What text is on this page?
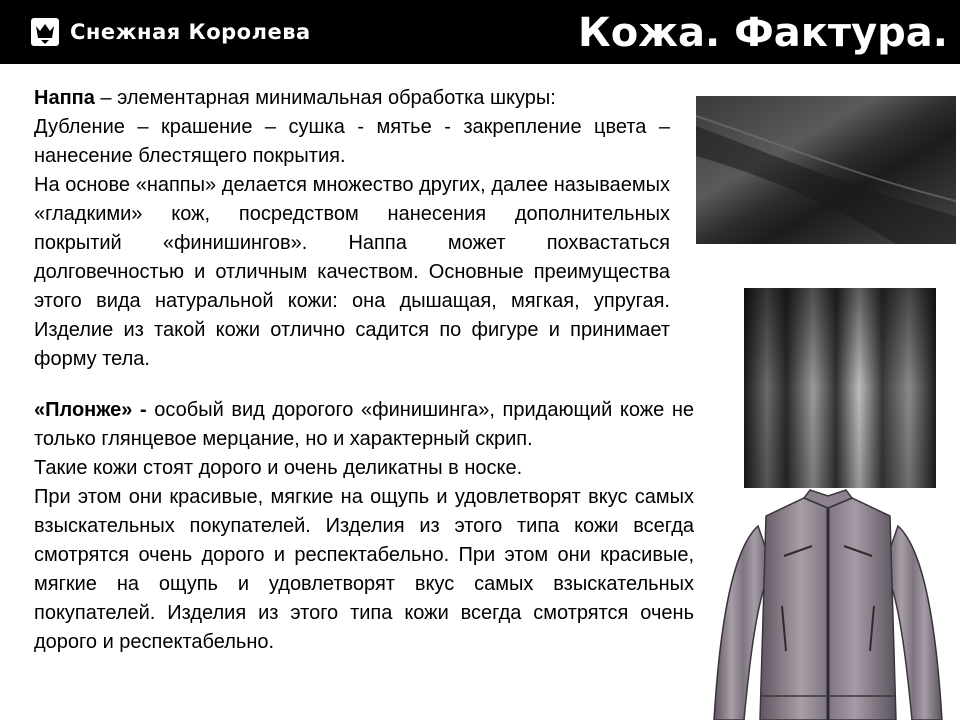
Снежная Королева	Кожа. Фактура.

Наппа – элементарная минимальная обработка шкуры:

Дубление – крашение – сушка - мятье - закрепление цвета – нанесение блестящего покрытия.

На основе «наппы» делается множество других, далее называемых «гладкими» кож, посредством нанесения дополнительных покрытий «финишингов». Наппа может похвастаться долговечностью и отличным качеством. Основные преимущества этого вида натуральной кожи: она дышащая, мягкая, упругая. Изделие из такой кожи отлично садится по фигуре и принимает форму тела.

«Плонже» - особый вид дорогого «финишинга», придающий коже не только глянцевое мерцание, но и характерный скрип.

Такие кожи стоят дорого и очень деликатны в носке.

При этом они красивые, мягкие на ощупь и удовлетворят вкус самых взыскательных покупателей. Изделия из этого типа кожи всегда смотрятся очень дорого и респектабельно. При этом они красивые, мягкие на ощупь и удовлетворят вкус самых взыскательных покупателей. Изделия из этого типа кожи всегда смотрятся очень дорого и респектабельно.
